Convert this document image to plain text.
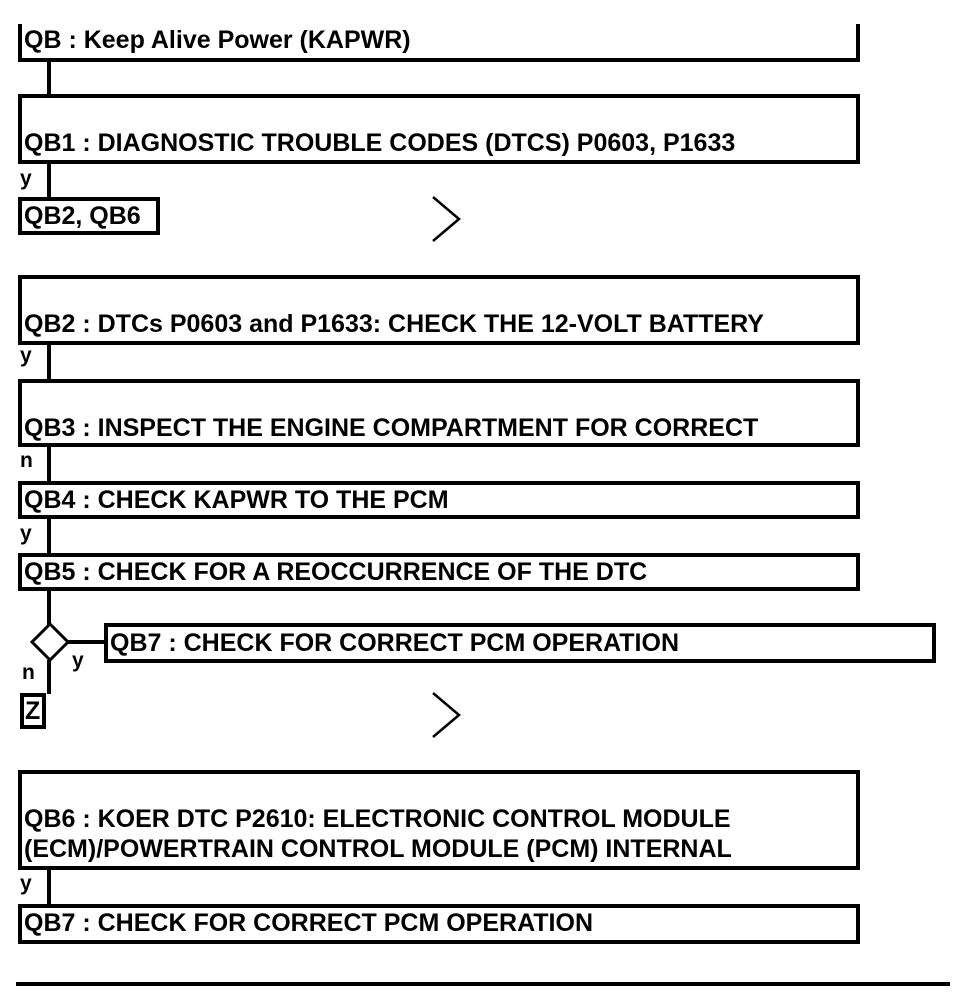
QB : Keep Alive Power (KAPWR)

QB1 : DIAGNOSTIC TROUBLE CODES (DTCS) P0603, P1633

y
QB2, QB6

QB2 : DTCs P0603 and P1633: CHECK THE 12-VOLT BATTERY

y

QB3 : INSPECT THE ENGINE COMPARTMENT FOR CORRECT

n
QB4 : CHECK KAPWR TO THE PCM
y
QB5 : CHECK FOR A REOCCURRENCE OF THE DTC
y
QB7 : CHECK FOR CORRECT PCM OPERATION
n
Z

QB6 : KOER DTC P2610: ELECTRONIC CONTROL MODULE
(ECM)/POWERTRAIN CONTROL MODULE (PCM) INTERNAL

y
QB7 : CHECK FOR CORRECT PCM OPERATION
